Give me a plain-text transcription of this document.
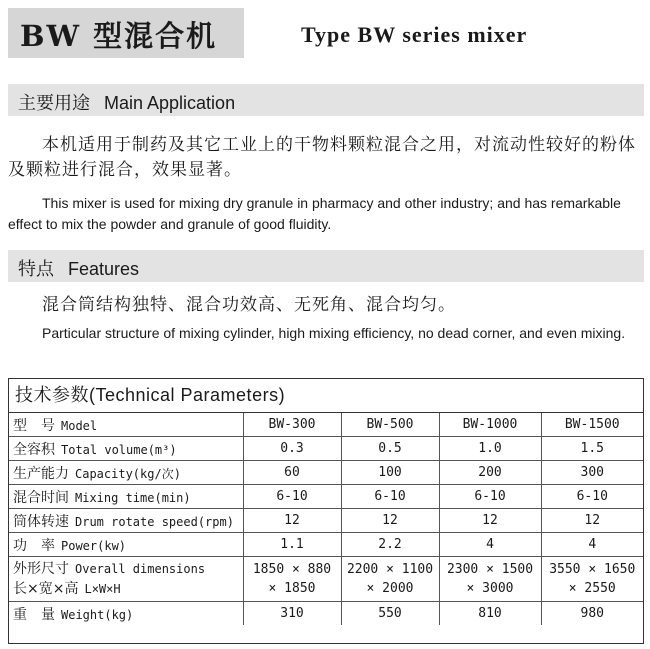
BW 型混合机	Type BW series mixer
主要用途 Main Application
本机适用于制药及其它工业上的干物料颗粒混合之用，对流动性较好的粉体及颗粒进行混合，效果显著。
This mixer is used for mixing dry granule in pharmacy and other industry; and has remarkable effect to mix the powder and granule of good fluidity.
特点 Features
混合筒结构独特、混合功效高、无死角、混合均匀。
Particular structure of mixing cylinder, high mixing efficiency, no dead corner, and even mixing.
技术参数(Technical Parameters)
型　号 Model	BW-300	BW-500	BW-1000	BW-1500
全容积 Total volume(m³)	0.3	0.5	1.0	1.5
生产能力 Capacity(kg/次)	60	100	200	300
混合时间 Mixing time(min)	6-10	6-10	6-10	6-10
筒体转速 Drum rotate speed(rpm)	12	12	12	12
功　率 Power(kw)	1.1	2.2	4	4

外形尺寸 Overall dimensions
长×宽×高 L×W×H	1850 × 880 × 1850	2200 × 1100 × 2000	2300 × 1500 × 3000	3550 × 1650 × 2550
重　量 Weight(kg)	310	550	810	980
